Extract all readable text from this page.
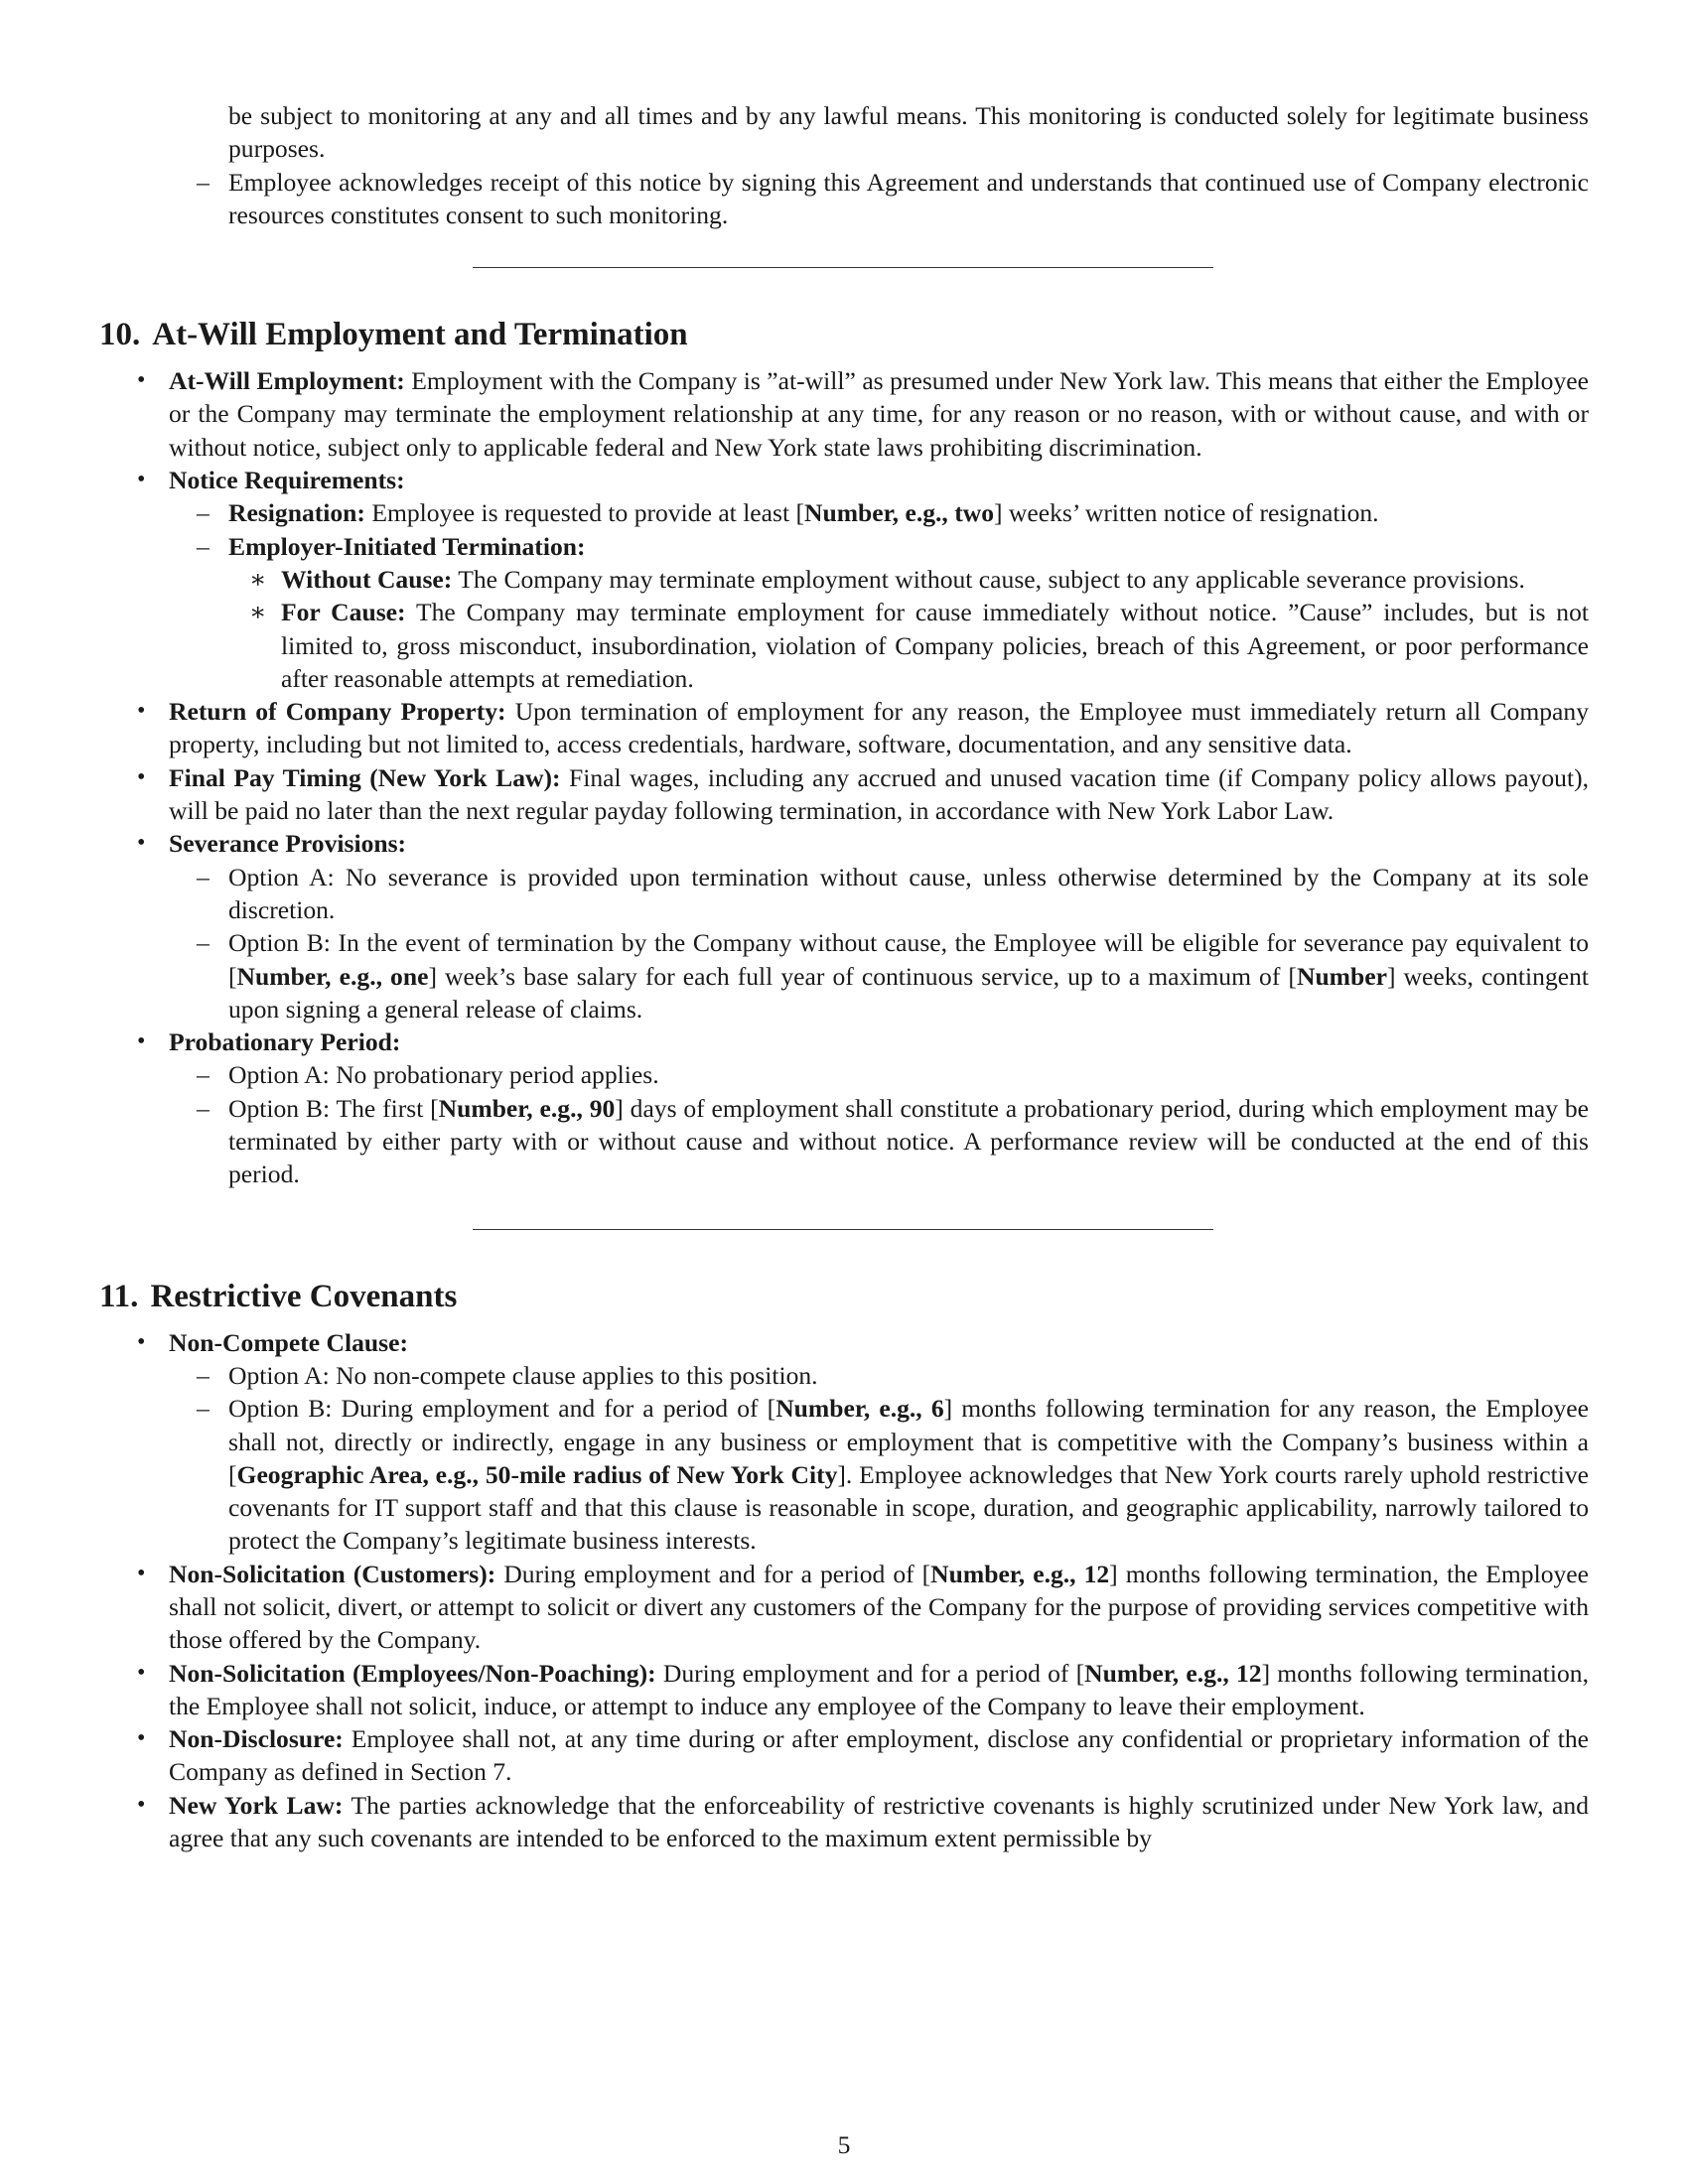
be subject to monitoring at any and all times and by any lawful means. This monitoring is conducted solely for legitimate business purposes.
– Employee acknowledges receipt of this notice by signing this Agreement and understands that continued use of Company electronic resources constitutes consent to such monitoring.
10. At-Will Employment and Termination
• At-Will Employment: Employment with the Company is ”at-will” as presumed under New York law. This means that either the Employee or the Company may terminate the employment relationship at any time, for any reason or no reason, with or without cause, and with or without notice, subject only to applicable federal and New York state laws prohibiting discrimination.
• Notice Requirements:
– Resignation: Employee is requested to provide at least [Number, e.g., two] weeks’ written notice of resignation.
– Employer-Initiated Termination:
∗ Without Cause: The Company may terminate employment without cause, subject to any applicable severance provisions.
∗ For Cause: The Company may terminate employment for cause immediately without notice. ”Cause” includes, but is not limited to, gross misconduct, insubordination, violation of Company policies, breach of this Agreement, or poor performance after reasonable attempts at remediation.
• Return of Company Property: Upon termination of employment for any reason, the Employee must immediately return all Company property, including but not limited to, access credentials, hardware, software, documentation, and any sensitive data.
• Final Pay Timing (New York Law): Final wages, including any accrued and unused vacation time (if Company policy allows payout), will be paid no later than the next regular payday following termination, in accordance with New York Labor Law.
• Severance Provisions:
– Option A: No severance is provided upon termination without cause, unless otherwise determined by the Company at its sole discretion.
– Option B: In the event of termination by the Company without cause, the Employee will be eligible for severance pay equivalent to [Number, e.g., one] week’s base salary for each full year of continuous service, up to a maximum of [Number] weeks, contingent upon signing a general release of claims.
• Probationary Period:
– Option A: No probationary period applies.
– Option B: The first [Number, e.g., 90] days of employment shall constitute a probationary period, during which employment may be terminated by either party with or without cause and without notice. A performance review will be conducted at the end of this period.
11. Restrictive Covenants
• Non-Compete Clause:
– Option A: No non-compete clause applies to this position.
– Option B: During employment and for a period of [Number, e.g., 6] months following termination for any reason, the Employee shall not, directly or indirectly, engage in any business or employment that is competitive with the Company’s business within a [Geographic Area, e.g., 50-mile radius of New York City]. Employee acknowledges that New York courts rarely uphold restrictive covenants for IT support staff and that this clause is reasonable in scope, duration, and geographic applicability, narrowly tailored to protect the Company’s legitimate business interests.
• Non-Solicitation (Customers): During employment and for a period of [Number, e.g., 12] months following termination, the Employee shall not solicit, divert, or attempt to solicit or divert any customers of the Company for the purpose of providing services competitive with those offered by the Company.
• Non-Solicitation (Employees/Non-Poaching): During employment and for a period of [Number, e.g., 12] months following termination, the Employee shall not solicit, induce, or attempt to induce any employee of the Company to leave their employment.
• Non-Disclosure: Employee shall not, at any time during or after employment, disclose any confidential or proprietary information of the Company as defined in Section 7.
• New York Law: The parties acknowledge that the enforceability of restrictive covenants is highly scrutinized under New York law, and agree that any such covenants are intended to be enforced to the maximum extent permissible by
5
